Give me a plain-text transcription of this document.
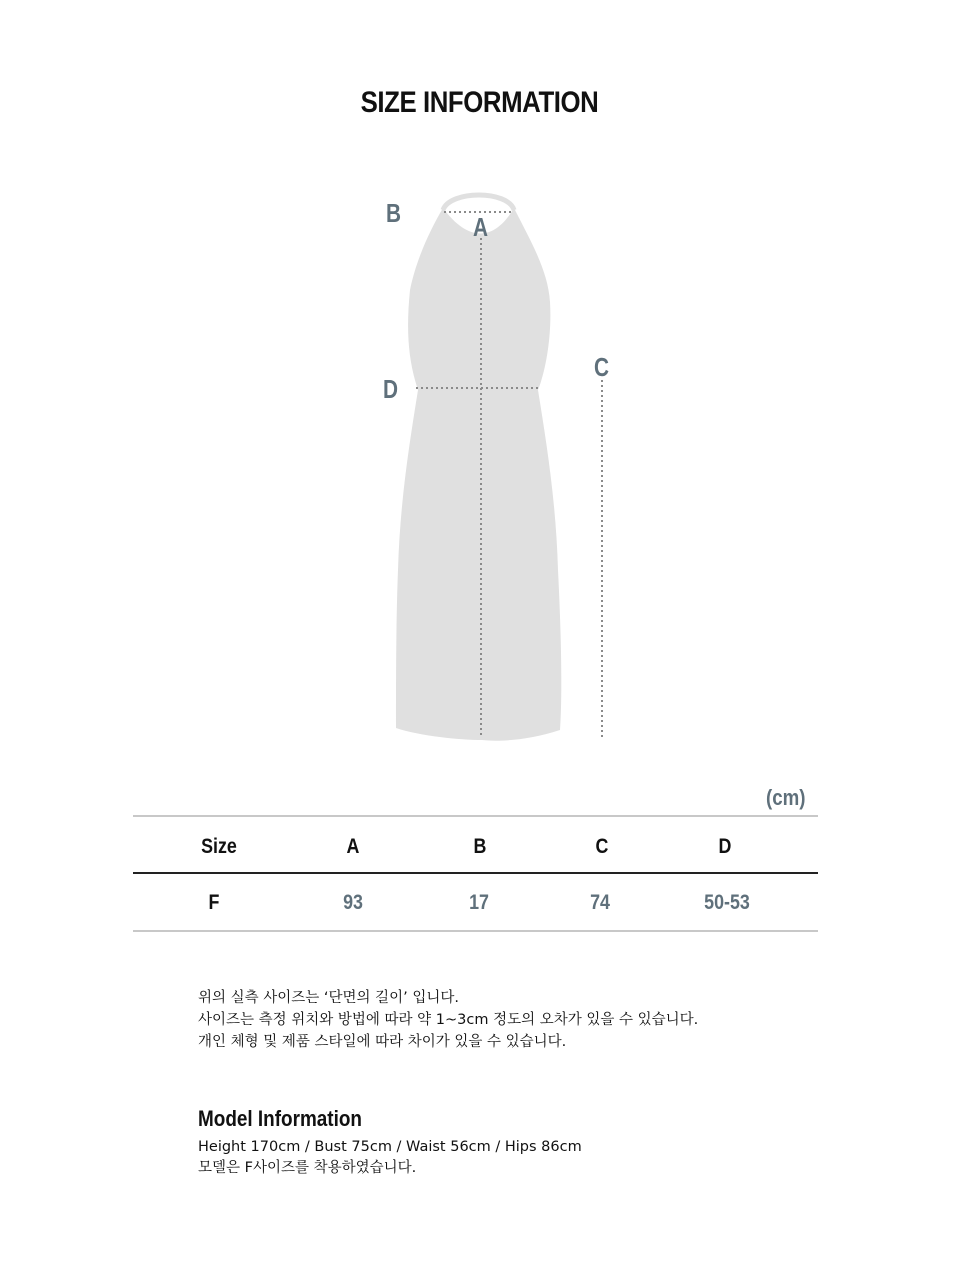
SIZE INFORMATION
B	A
D
C
(cm)
Size	A	B	C	D
F	93	17	74	50-53
위의 실측 사이즈는 ‘단면의 길이’ 입니다.
사이즈는 측정 위치와 방법에 따라 약 1~3cm 정도의 오차가 있을 수 있습니다.
개인 체형 및 제품 스타일에 따라 차이가 있을 수 있습니다.
Model Information
Height 170cm / Bust 75cm / Waist 56cm / Hips 86cm
모델은 F사이즈를 착용하였습니다.
